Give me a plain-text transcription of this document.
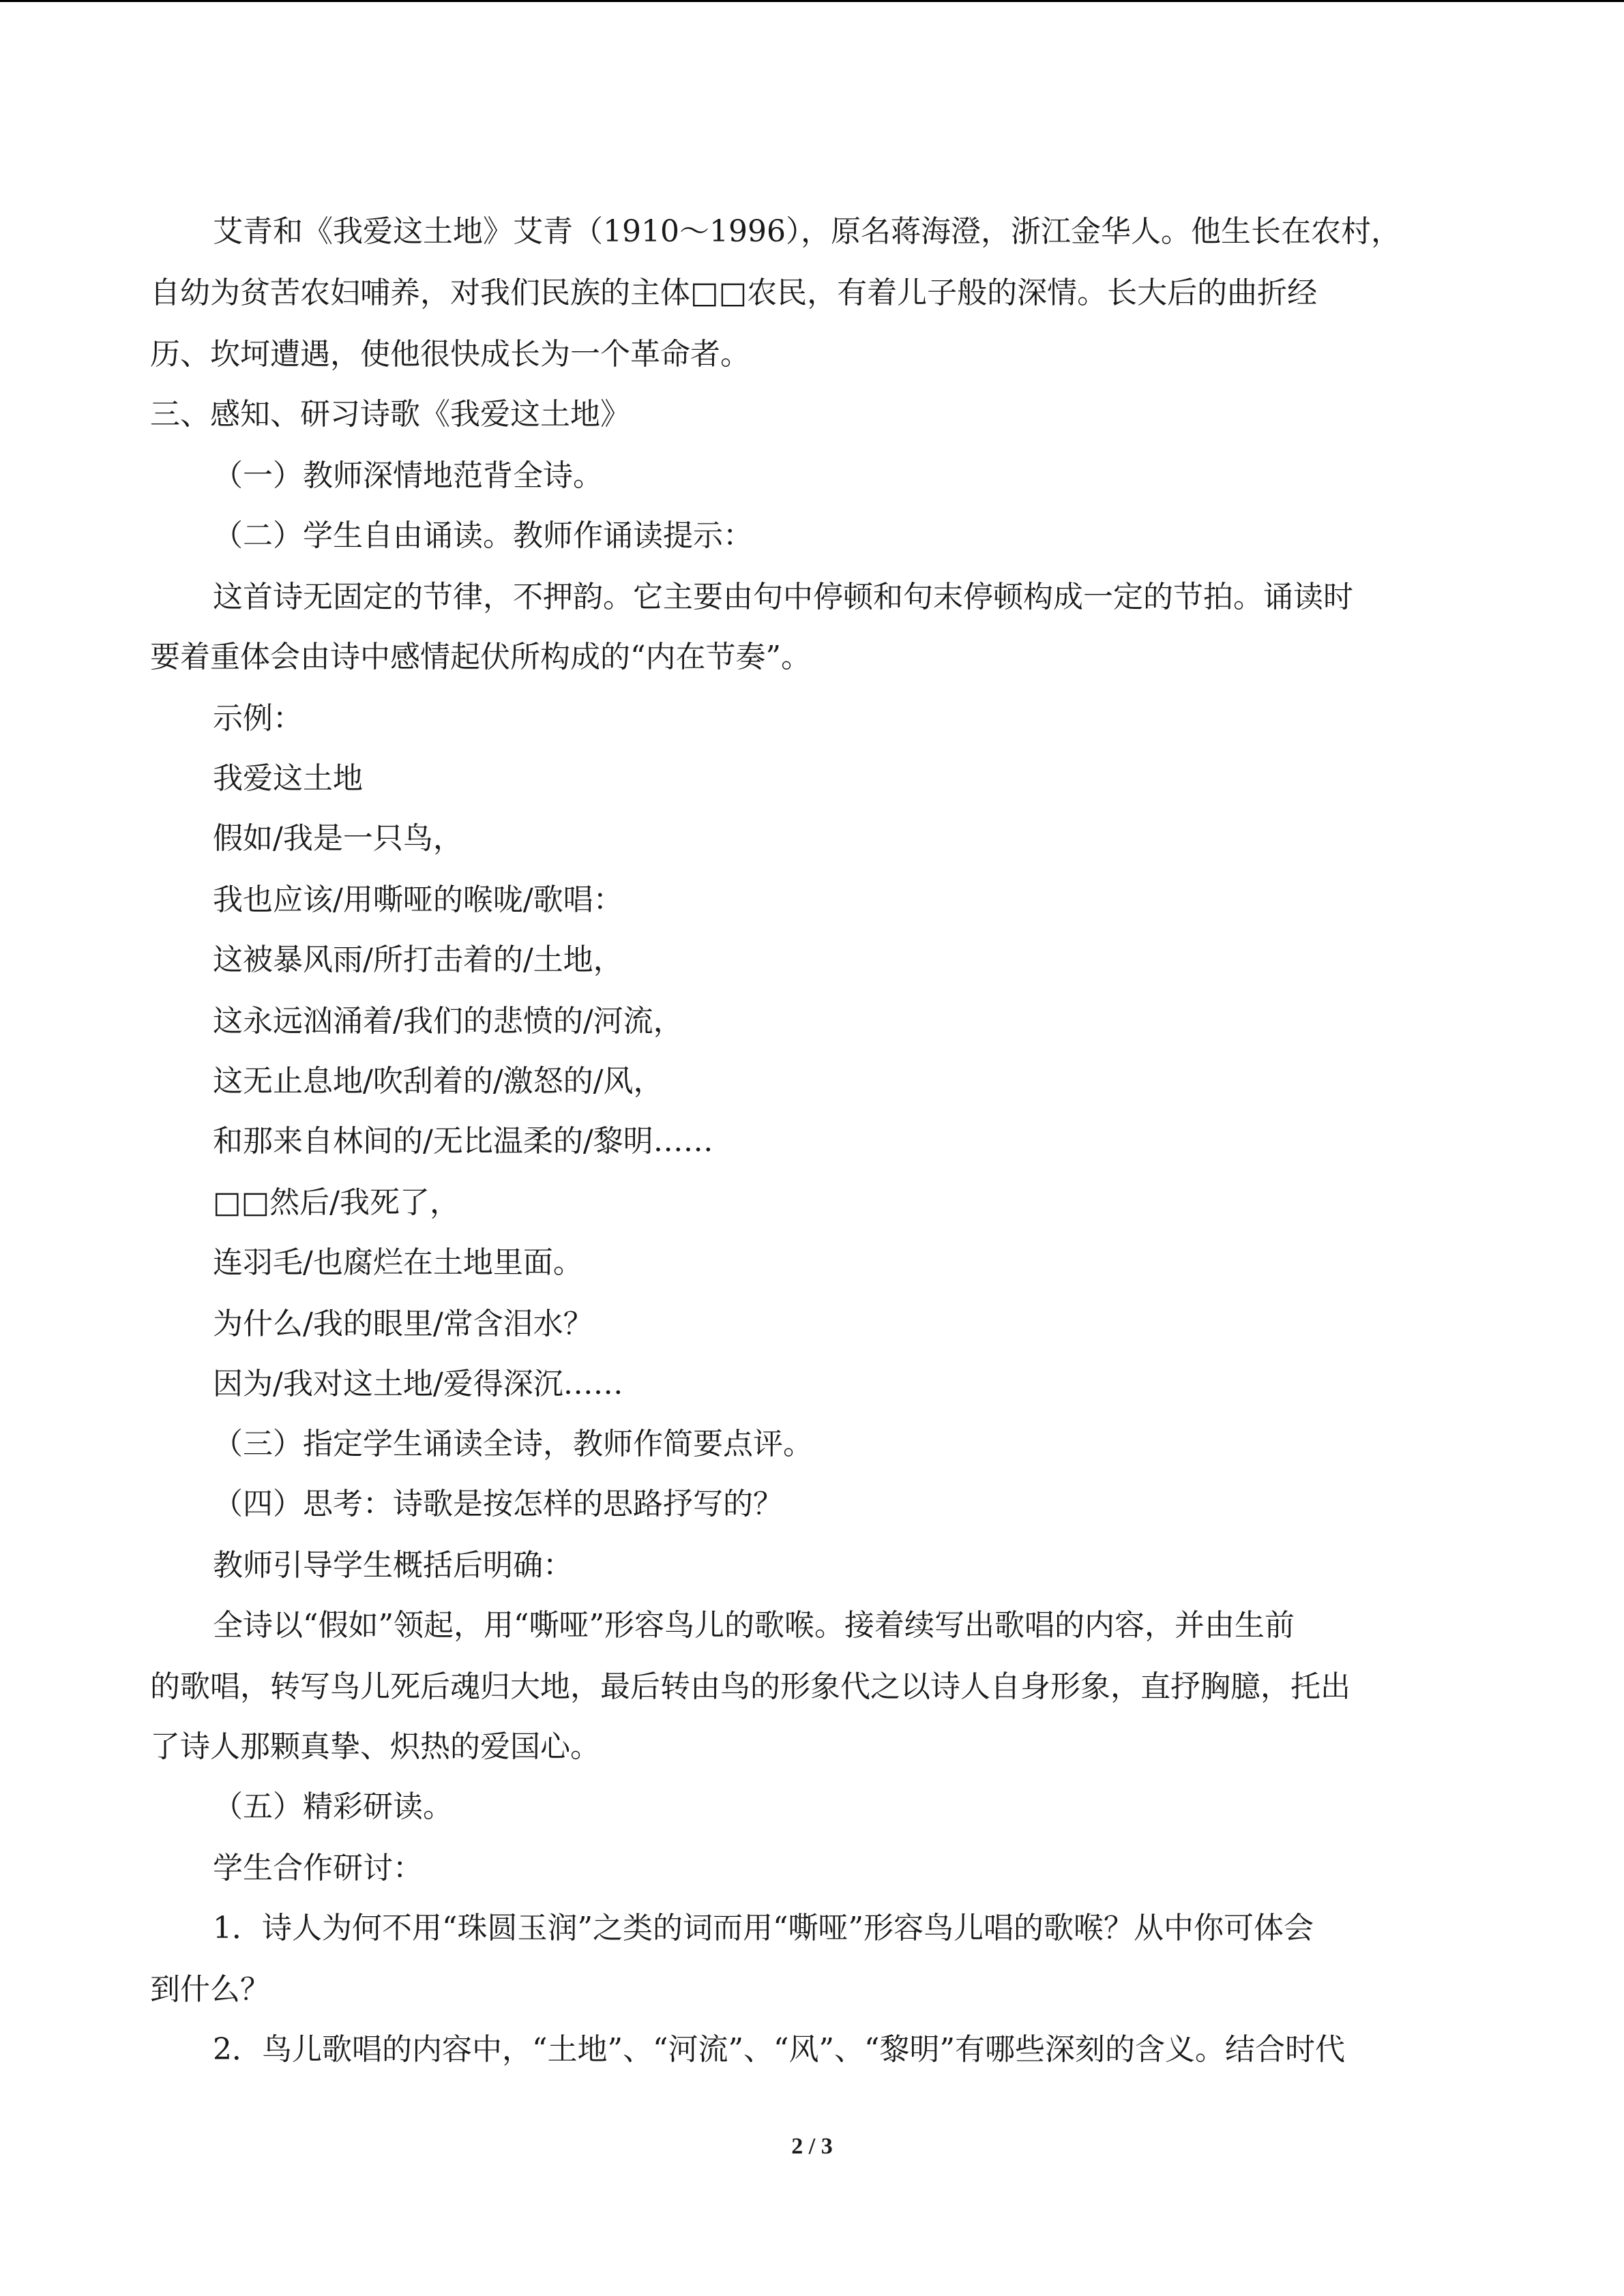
艾青和《我爱这土地》艾青（1910～1996），原名蒋海澄，浙江金华人。他生长在农村，
自幼为贫苦农妇哺养，对我们民族的主体□□农民，有着儿子般的深情。长大后的曲折经
历、坎坷遭遇，使他很快成长为一个革命者。
三、感知、研习诗歌《我爱这土地》
（一）教师深情地范背全诗。
（二）学生自由诵读。教师作诵读提示：
这首诗无固定的节律，不押韵。它主要由句中停顿和句末停顿构成一定的节拍。诵读时
要着重体会由诗中感情起伏所构成的“内在节奏”。
示例：
我爱这土地
假如/我是一只鸟，
我也应该/用嘶哑的喉咙/歌唱：
这被暴风雨/所打击着的/土地，
这永远汹涌着/我们的悲愤的/河流，
这无止息地/吹刮着的/激怒的/风，
和那来自林间的/无比温柔的/黎明……
□□然后/我死了，
连羽毛/也腐烂在土地里面。
为什么/我的眼里/常含泪水？
因为/我对这土地/爱得深沉……
（三）指定学生诵读全诗，教师作简要点评。
（四）思考：诗歌是按怎样的思路抒写的？
教师引导学生概括后明确：
全诗以“假如”领起，用“嘶哑”形容鸟儿的歌喉。接着续写出歌唱的内容，并由生前
的歌唱，转写鸟儿死后魂归大地，最后转由鸟的形象代之以诗人自身形象，直抒胸臆，托出
了诗人那颗真挚、炽热的爱国心。
（五）精彩研读。
学生合作研讨：
1．诗人为何不用“珠圆玉润”之类的词而用“嘶哑”形容鸟儿唱的歌喉？从中你可体会
到什么？
2．鸟儿歌唱的内容中，“土地”、“河流”、“风”、“黎明”有哪些深刻的含义。结合时代
2 / 3
